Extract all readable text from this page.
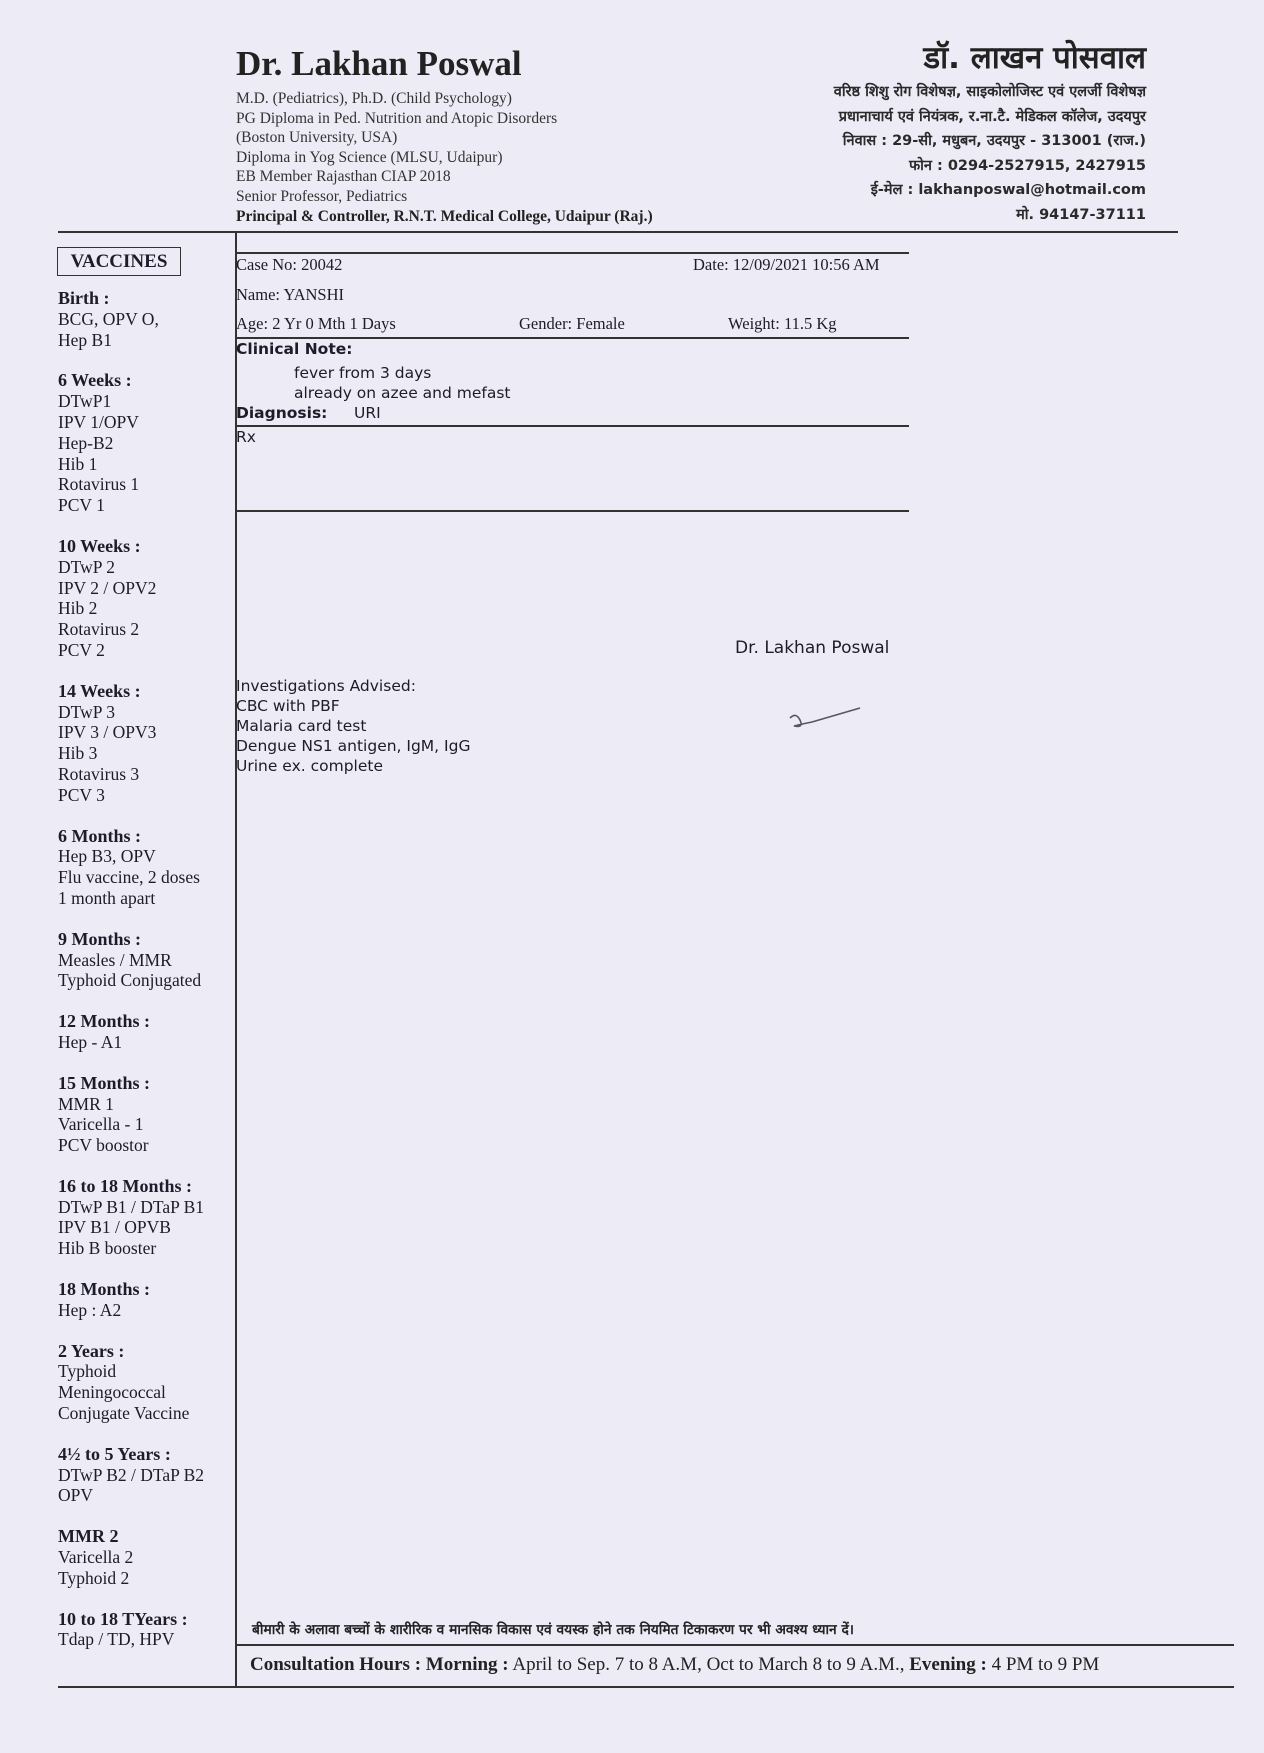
Dr. Lakhan Poswal
M.D. (Pediatrics), Ph.D. (Child Psychology)
PG Diploma in Ped. Nutrition and Atopic Disorders
(Boston University, USA)
Diploma in Yog Science (MLSU, Udaipur)
EB Member Rajasthan CIAP 2018
Senior Professor, Pediatrics
Principal & Controller, R.N.T. Medical College, Udaipur (Raj.)
डॉ. लाखन पोसवाल
वरिष्ठ शिशु रोग विशेषज्ञ, साइकोलोजिस्ट एवं एलर्जी विशेषज्ञ
प्रधानाचार्य एवं नियंत्रक, र.ना.टै. मेडिकल कॉलेज, उदयपुर
निवास : 29-सी, मधुबन, उदयपुर - 313001 (राज.)
फोन : 0294-2527915, 2427915
ई-मेल : lakhanposwal@hotmail.com
मो. 94147-37111
VACCINES
Birth :
BCG, OPV O,
Hep B1
6 Weeks :
DTwP1
IPV 1/OPV
Hep-B2
Hib 1
Rotavirus 1
PCV 1
10 Weeks :
DTwP 2
IPV 2 / OPV2
Hib 2
Rotavirus 2
PCV 2
14 Weeks :
DTwP 3
IPV 3 / OPV3
Hib 3
Rotavirus 3
PCV 3
6 Months :
Hep B3, OPV
Flu vaccine, 2 doses
1 month apart
9 Months :
Measles / MMR
Typhoid Conjugated
12 Months :
Hep - A1
15 Months :
MMR 1
Varicella - 1
PCV boostor
16 to 18 Months :
DTwP B1 / DTaP B1
IPV B1 / OPVB
Hib B booster
18 Months :
Hep : A2
2 Years :
Typhoid
Meningococcal
Conjugate Vaccine
4½ to 5 Years :
DTwP B2 / DTaP B2
OPV
MMR 2
Varicella 2
Typhoid 2
10 to 18 TYears :
Tdap / TD, HPV
Case No: 20042	Date: 12/09/2021 10:56 AM
Name: YANSHI
Age: 2 Yr 0 Mth 1 Days	Gender: Female	Weight: 11.5 Kg
Clinical Note:
fever from 3 days
already on azee and mefast
Diagnosis: URI
Rx
Dr. Lakhan Poswal
Investigations Advised:
CBC with PBF
Malaria card test
Dengue NS1 antigen, IgM, IgG
Urine ex. complete
बीमारी के अलावा बच्चों के शारीरिक व मानसिक विकास एवं वयस्क होने तक नियमित टिकाकरण पर भी अवश्य ध्यान दें।
Consultation Hours : Morning : April to Sep. 7 to 8 A.M, Oct to March 8 to 9 A.M., Evening : 4 PM to 9 PM
